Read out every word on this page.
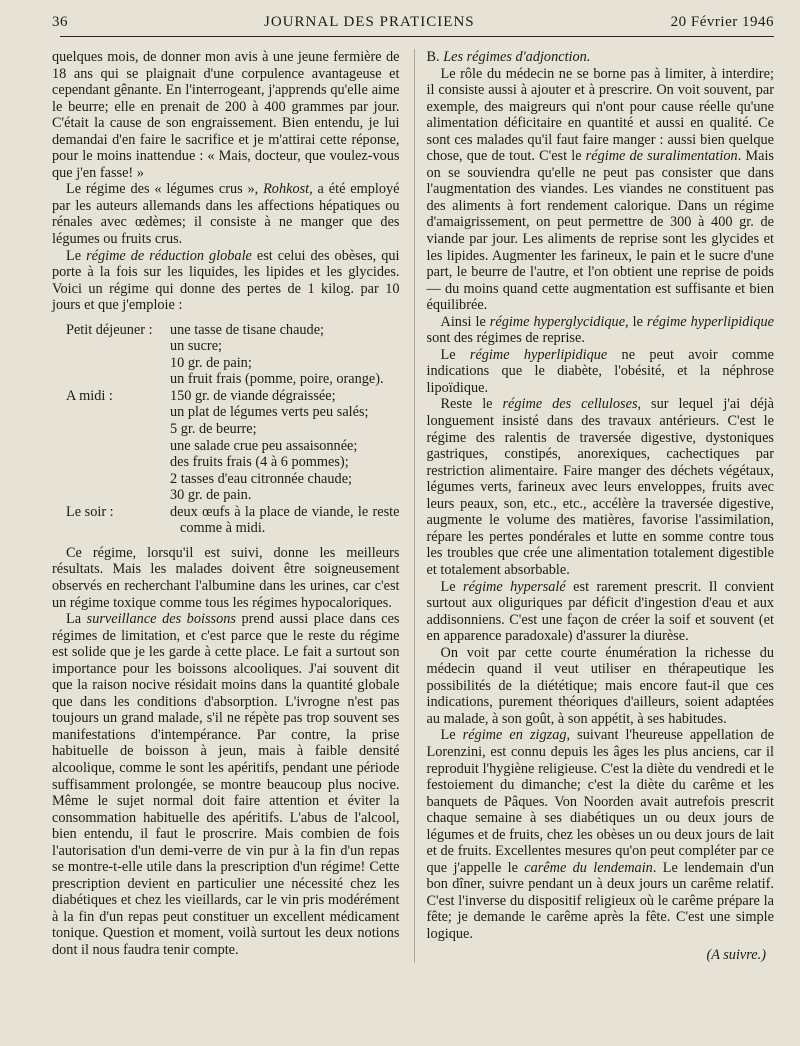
36	JOURNAL DES PRATICIENS	20 Février 1946

quelques mois, de donner mon avis à une jeune fermière de 18 ans qui se plaignait d'une corpulence avantageuse et cependant gênante. En l'interrogeant, j'apprends qu'elle aime le beurre; elle en prenait de 200 à 400 grammes par jour. C'était la cause de son engraissement. Bien entendu, je lui demandai d'en faire le sacrifice et je m'attirai cette réponse, pour le moins inattendue : « Mais, docteur, que voulez-vous que j'en fasse! »

Le régime des « légumes crus », Rohkost, a été employé par les auteurs allemands dans les affections hépatiques ou rénales avec œdèmes; il consiste à ne manger que des légumes ou fruits crus.

Le régime de réduction globale est celui des obèses, qui porte à la fois sur les liquides, les lipides et les glycides. Voici un régime qui donne des pertes de 1 kilog. par 10 jours et que j'emploie :

Petit déjeuner :	une tasse de tisane chaude;
un sucre;
10 gr. de pain;
un fruit frais (pomme, poire, orange).
A midi :	150 gr. de viande dégraissée;
un plat de légumes verts peu salés;
5 gr. de beurre;
une salade crue peu assaisonnée;
des fruits frais (4 à 6 pommes);
2 tasses d'eau citronnée chaude;
30 gr. de pain.
Le soir :	deux œufs à la place de viande, le reste comme à midi.

Ce régime, lorsqu'il est suivi, donne les meilleurs résultats. Mais les malades doivent être soigneusement observés en recherchant l'albumine dans les urines, car c'est un régime toxique comme tous les régimes hypocaloriques.

La surveillance des boissons prend aussi place dans ces régimes de limitation, et c'est parce que le reste du régime est solide que je les garde à cette place. Le fait a surtout son importance pour les boissons alcooliques. J'ai souvent dit que la raison nocive résidait moins dans la quantité globale que dans les conditions d'absorption. L'ivrogne n'est pas toujours un grand malade, s'il ne répète pas trop souvent ses manifestations d'intempérance. Par contre, la prise habituelle de boisson à jeun, mais à faible densité alcoolique, comme le sont les apéritifs, pendant une période suffisamment prolongée, se montre beaucoup plus nocive. Même le sujet normal doit faire attention et éviter la consommation habituelle des apéritifs. L'abus de l'alcool, bien entendu, il faut le proscrire. Mais combien de fois l'autorisation d'un demi-verre de vin pur à la fin d'un repas se montre-t-elle utile dans la prescription d'un régime! Cette prescription devient en particulier une nécessité chez les diabétiques et chez les vieillards, car le vin pris modérément à la fin d'un repas peut constituer un excellent médicament tonique. Question et moment, voilà surtout les deux notions dont il nous faudra tenir compte.

B. Les régimes d'adjonction.

Le rôle du médecin ne se borne pas à limiter, à interdire; il consiste aussi à ajouter et à prescrire. On voit souvent, par exemple, des maigreurs qui n'ont pour cause réelle qu'une alimentation déficitaire en quantité et aussi en qualité. Ce sont ces malades qu'il faut faire manger : aussi bien quelque chose, que de tout. C'est le régime de suralimentation. Mais on se souviendra qu'elle ne peut pas consister que dans l'augmentation des viandes. Les viandes ne constituent pas des aliments à fort rendement calorique. Dans un régime d'amaigrissement, on peut permettre de 300 à 400 gr. de viande par jour. Les aliments de reprise sont les glycides et les lipides. Augmenter les farineux, le pain et le sucre d'une part, le beurre de l'autre, et l'on obtient une reprise de poids — du moins quand cette augmentation est suffisante et bien équilibrée.

Ainsi le régime hyperglycidique, le régime hyperlipidique sont des régimes de reprise.

Le régime hyperlipidique ne peut avoir comme indications que le diabète, l'obésité, et la néphrose lipoïdique.

Reste le régime des celluloses, sur lequel j'ai déjà longuement insisté dans des travaux antérieurs. C'est le régime des ralentis de traversée digestive, dystoniques gastriques, constipés, anorexiques, cachectiques par restriction alimentaire. Faire manger des déchets végétaux, légumes verts, farineux avec leurs enveloppes, fruits avec leurs peaux, son, etc., etc., accélère la traversée digestive, augmente le volume des matières, favorise l'assimilation, répare les pertes pondérales et lutte en somme contre tous les troubles que crée une alimentation totalement digestible et totalement absorbable.

Le régime hypersalé est rarement prescrit. Il convient surtout aux oliguriques par déficit d'ingestion d'eau et aux addisonniens. C'est une façon de créer la soif et souvent (et en apparence paradoxale) d'assurer la diurèse.

On voit par cette courte énumération la richesse du médecin quand il veut utiliser en thérapeutique les possibilités de la diététique; mais encore faut-il que ces indications, purement théoriques d'ailleurs, soient adaptées au malade, à son goût, à son appétit, à ses habitudes.

Le régime en zigzag, suivant l'heureuse appellation de Lorenzini, est connu depuis les âges les plus anciens, car il reproduit l'hygiène religieuse. C'est la diète du vendredi et le festoiement du dimanche; c'est la diète du carême et les banquets de Pâques. Von Noorden avait autrefois prescrit chaque semaine à ses diabétiques un ou deux jours de légumes et de fruits, chez les obèses un ou deux jours de lait et de fruits. Excellentes mesures qu'on peut compléter par ce que j'appelle le carême du lendemain. Le lendemain d'un bon dîner, suivre pendant un à deux jours un carême relatif. C'est l'inverse du dispositif religieux où le carême prépare la fête; je demande le carême après la fête. C'est une simple logique.

(A suivre.)
